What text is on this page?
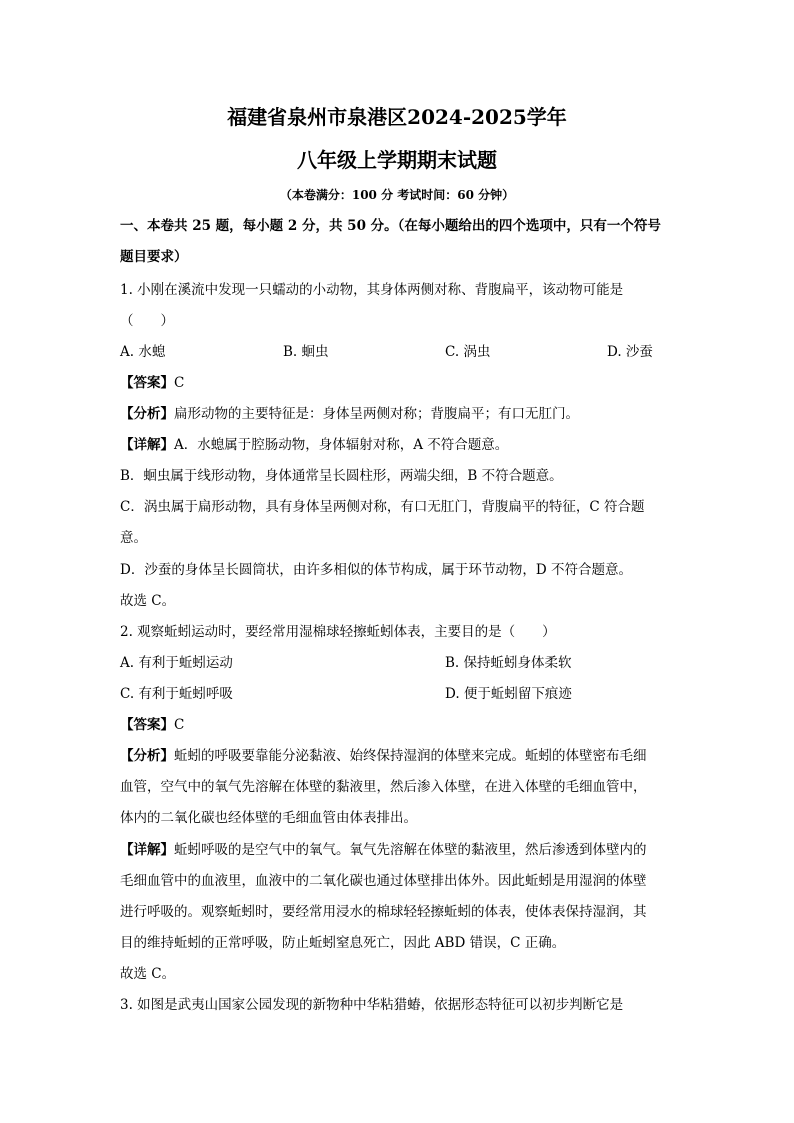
福建省泉州市泉港区2024-2025学年
八年级上学期期末试题
（本卷满分：100 分 考试时间：60 分钟）
一、本卷共 25 题，每小题 2 分，共 50 分。（在每小题给出的四个选项中，只有一个符号
题目要求）
1. 小刚在溪流中发现一只蠕动的小动物，其身体两侧对称、背腹扁平，该动物可能是
（　　）
A. 水螅	B. 蛔虫	C. 涡虫	D. 沙蚕
【答案】C
【分析】扁形动物的主要特征是：身体呈两侧对称；背腹扁平；有口无肛门。
【详解】A．水螅属于腔肠动物，身体辐射对称，A 不符合题意。
B．蛔虫属于线形动物，身体通常呈长圆柱形，两端尖细，B 不符合题意。
C．涡虫属于扁形动物，具有身体呈两侧对称，有口无肛门，背腹扁平的特征，C 符合题
意。
D．沙蚕的身体呈长圆筒状，由许多相似的体节构成，属于环节动物，D 不符合题意。
故选 C。
2. 观察蚯蚓运动时，要经常用湿棉球轻擦蚯蚓体表，主要目的是（　　）
A. 有利于蚯蚓运动	B. 保持蚯蚓身体柔软
C. 有利于蚯蚓呼吸	D. 便于蚯蚓留下痕迹
【答案】C
【分析】蚯蚓的呼吸要靠能分泌黏液、始终保持湿润的体壁来完成。蚯蚓的体壁密布毛细
血管，空气中的氧气先溶解在体壁的黏液里，然后渗入体壁，在进入体壁的毛细血管中，
体内的二氧化碳也经体壁的毛细血管由体表排出。
【详解】蚯蚓呼吸的是空气中的氧气。氧气先溶解在体壁的黏液里，然后渗透到体壁内的
毛细血管中的血液里，血液中的二氧化碳也通过体壁排出体外。因此蚯蚓是用湿润的体壁
进行呼吸的。观察蚯蚓时，要经常用浸水的棉球轻轻擦蚯蚓的体表，使体表保持湿润，其
目的维持蚯蚓的正常呼吸，防止蚯蚓窒息死亡，因此 ABD 错误，C 正确。
故选 C。
3. 如图是武夷山国家公园发现的新物种中华粘猎蝽，依据形态特征可以初步判断它是
